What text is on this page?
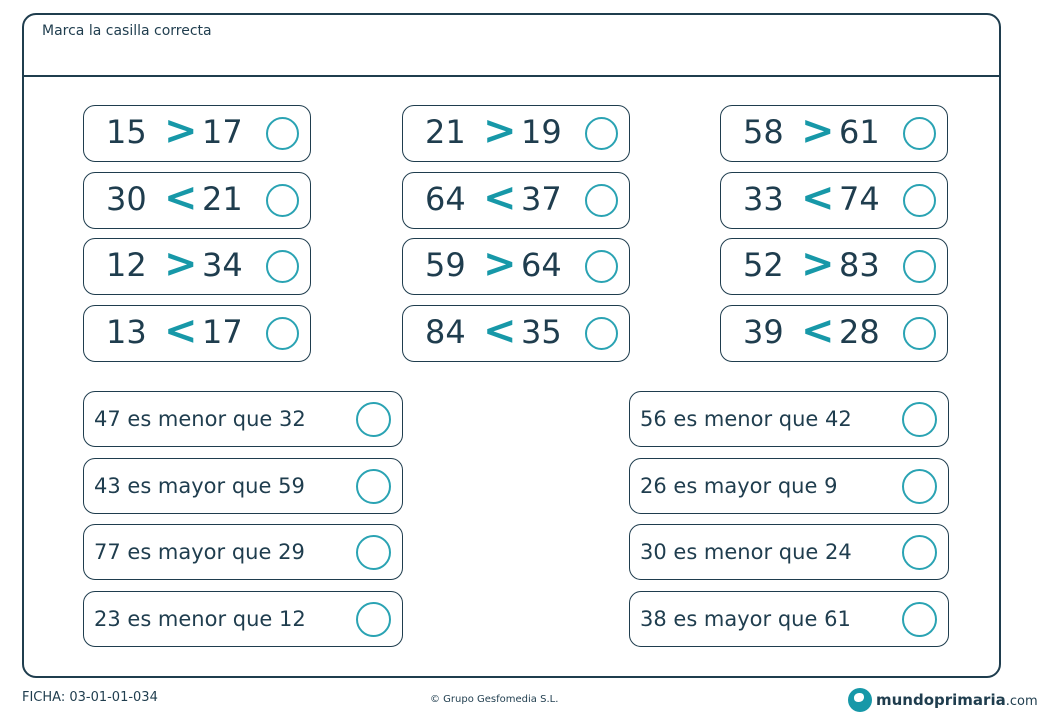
Marca la casilla correcta
15 > 17	21 > 19	58 > 61
30 < 21	64 < 37	33 < 74
12 > 34	59 > 64	52 > 83
13 < 17	84 < 35	39 < 28
47 es menor que 32
43 es mayor que 59
77 es mayor que 29
23 es menor que 12
56 es menor que 42
26 es mayor que 9
30 es menor que 24
38 es mayor que 61
FICHA: 03-01-01-034	© Grupo Gesfomedia S.L.	mundoprimaria.com
